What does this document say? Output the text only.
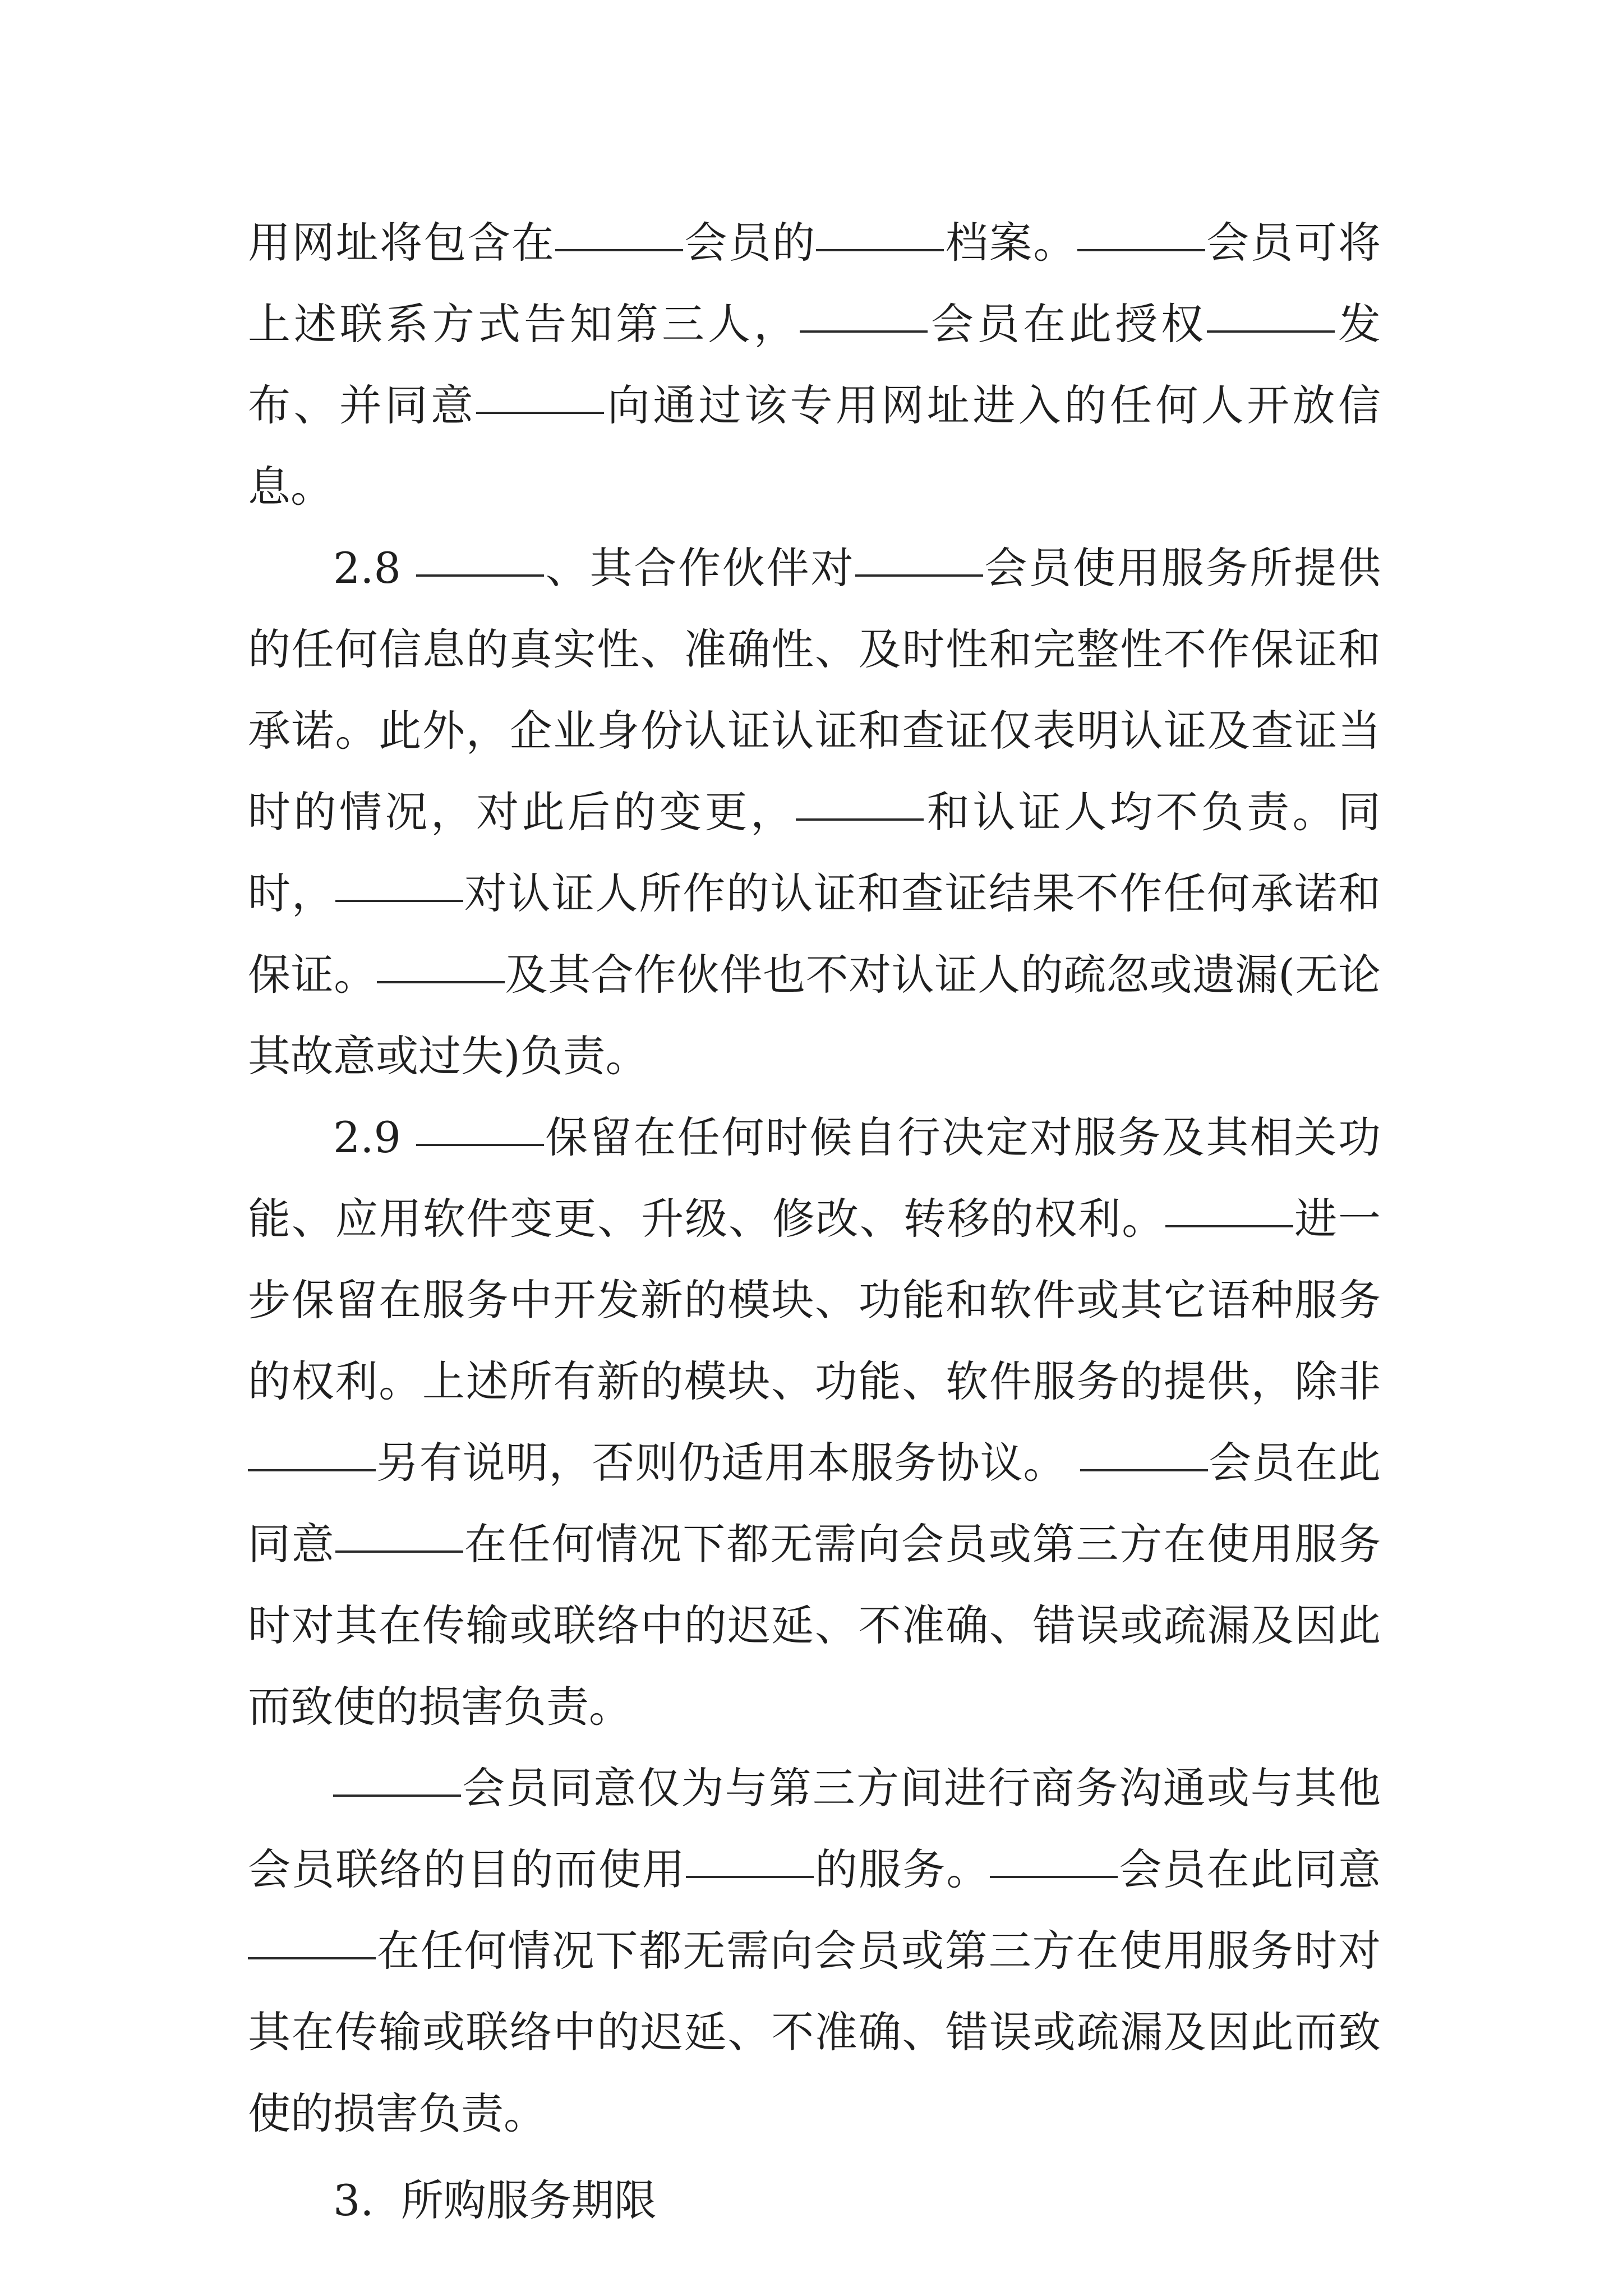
用网址将包含在	会员的	档案。	会员可将上述联系方式告知第三人，	会员在此授权	发布、并同意	向通过该专用网址进入的任何人开放信息。

2.8	、其合作伙伴对	会员使用服务所提供的任何信息的真实性、准确性、及时性和完整性不作保证和承诺。此外，企业身份认证认证和查证仅表明认证及查证当时的情况，对此后的变更，	和认证人均不负责。同时，	对认证人所作的认证和查证结果不作任何承诺和保证。	及其合作伙伴也不对认证人的疏忽或遗漏(无论其故意或过失)负责。

2.9	保留在任何时候自行决定对服务及其相关功能、应用软件变更、升级、修改、转移的权利。	进一步保留在服务中开发新的模块、功能和软件或其它语种服务的权利。上述所有新的模块、功能、软件服务的提供，除非另有说明，否则仍适用本服务协议。	会员在此同意	在任何情况下都无需向会员或第三方在使用服务时对其在传输或联络中的迟延、不准确、错误或疏漏及因此而致使的损害负责。

会员同意仅为与第三方间进行商务沟通或与其他会员联络的目的而使用	的服务。	会员在此同意在任何情况下都无需向会员或第三方在使用服务时对其在传输或联络中的迟延、不准确、错误或疏漏及因此而致使的损害负责。

3. 所购服务期限
